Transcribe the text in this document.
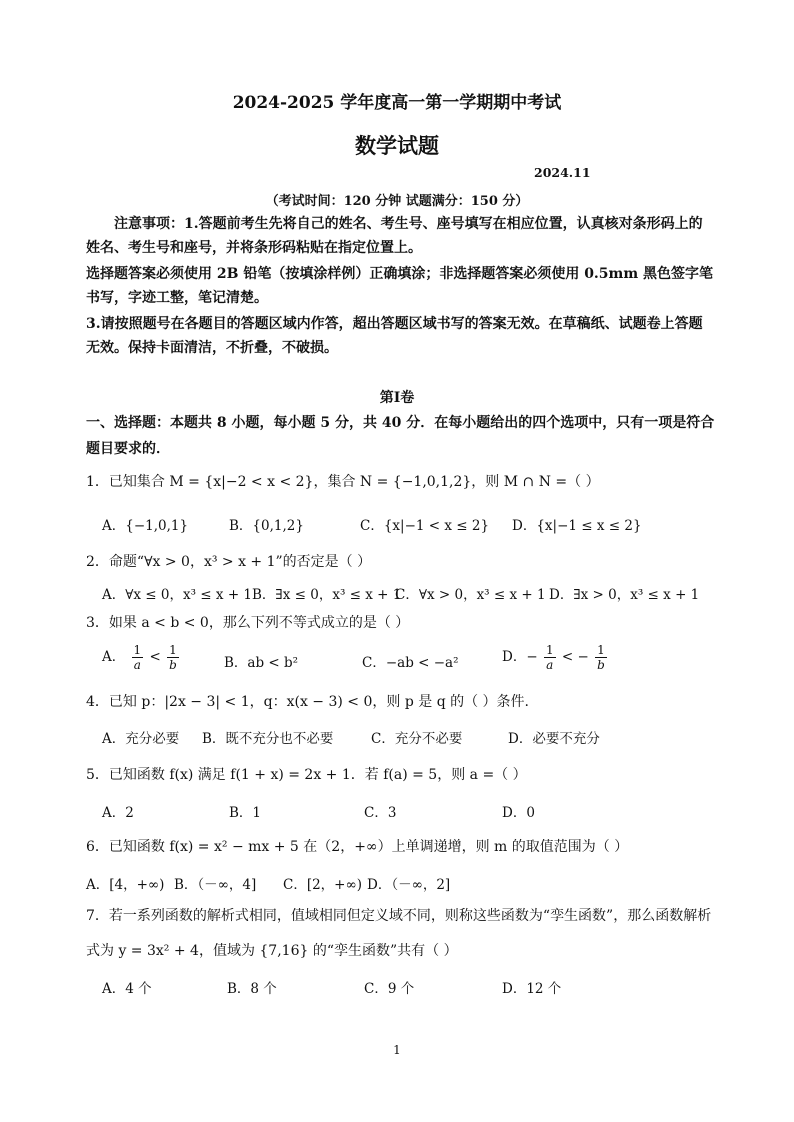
2024-2025 学年度高一第一学期期中考试
数学试题
2024.11
（考试时间：120 分钟 试题满分：150 分）
注意事项：1.答题前考生先将自己的姓名、考生号、座号填写在相应位置，认真核对条形码上的姓名、考生号和座号，并将条形码粘贴在指定位置上。
选择题答案必须使用 2B 铅笔（按填涂样例）正确填涂；非选择题答案必须使用 0.5mm 黑色签字笔书写，字迹工整，笔记清楚。
3.请按照题号在各题目的答题区域内作答，超出答题区域书写的答案无效。在草稿纸、试题卷上答题无效。保持卡面清洁，不折叠，不破损。
第Ⅰ卷
一、选择题：本题共 8 小题，每小题 5 分，共 40 分．在每小题给出的四个选项中，只有一项是符合题目要求的．
1．已知集合 M = {x|−2 < x < 2}，集合 N = {−1,0,1,2}，则 M ∩ N =（ ）
A．{−1,0,1}	B．{0,1,2}	C．{x|−1 < x ≤ 2} D．{x|−1 ≤ x ≤ 2}
2．命题“∀x > 0，x³ > x + 1”的否定是（ ）
A．∀x ≤ 0，x³ ≤ x + 1 B．∃x ≤ 0，x³ ≤ x + 1
C．∀x > 0，x³ ≤ x + 1 D．∃x > 0，x³ ≤ x + 1
3．如果 a < b < 0，那么下列不等式成立的是（ ）
A． $\frac{1}{a} < \frac{1}{b}$	B．ab < b²	C．−ab < −a²	D．− $\frac{1}{a}$ < − $\frac{1}{b}$
4．已知 p：|2x − 3| < 1，q：x(x − 3) < 0，则 p 是 q 的（ ）条件.
A．充分必要 B．既不充分也不必要	C．充分不必要	D．必要不充分
5．已知函数 f(x) 满足 f(1 + x) = 2x + 1．若 f(a) = 5，则 a =（ ）
A．2	B．1	C．3	D．0
6．已知函数 f(x) = x² − mx + 5 在（2，+∞）上单调递增，则 m 的取值范围为（ ）
A．[4，+∞) B．（－∞，4] C．[2，+∞) D．（－∞，2]
7．若一系列函数的解析式相同，值域相同但定义域不同，则称这些函数为“孪生函数”，那么函数解析
式为 y = 3x² + 4，值域为 {7,16} 的“孪生函数”共有（ ）
A．4 个	B．8 个	C．9 个	D．12 个
1
